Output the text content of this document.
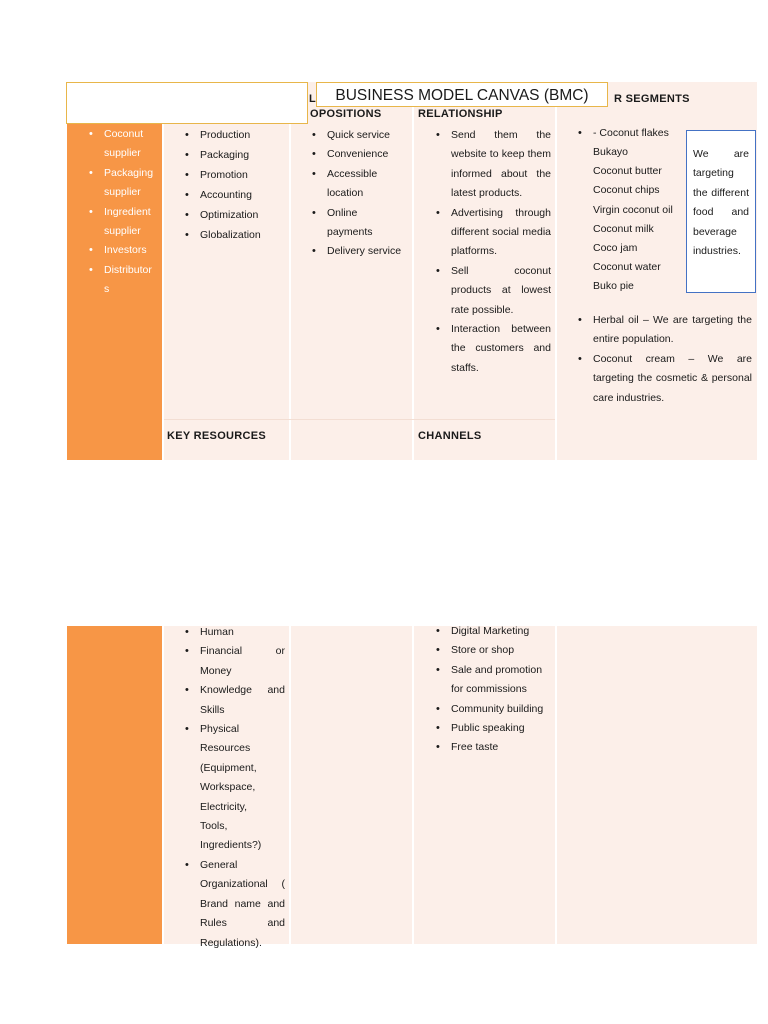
L
OPOSITIONS	RELATIONSHIP
R SEGMENTS
BUSINESS MODEL CANVAS (BMC)
• Coconut supplier
• Packaging supplier
• Ingredient supplier
• Investors
• Distributors
• Production
• Packaging
• Promotion
• Accounting
• Optimization
• Globalization
• Quick service
• Convenience
• Accessible location
• Online payments
• Delivery service
• Send them the website to keep them informed about the latest products.
• Advertising through different social media platforms.
• Sell coconut products at lowest rate possible.
• Interaction between the customers and staffs.
• - Coconut flakes
Bukayo
Coconut butter
Coconut chips
Virgin coconut oil
Coconut milk
Coco jam
Coconut water
Buko pie
We are targeting the different food and beverage industries.
• Herbal oil – We are targeting the entire population.
• Coconut cream – We are targeting the cosmetic & personal care industries.
KEY RESOURCES	CHANNELS
• Human
• Financial or Money
• Knowledge and Skills
• Physical Resources (Equipment, Workspace, Electricity, Tools, Ingredients?)
• General Organizational ( Brand name and Rules and Regulations).
• Digital Marketing
• Store or shop
• Sale and promotion for commissions
• Community building
• Public speaking
• Free taste
